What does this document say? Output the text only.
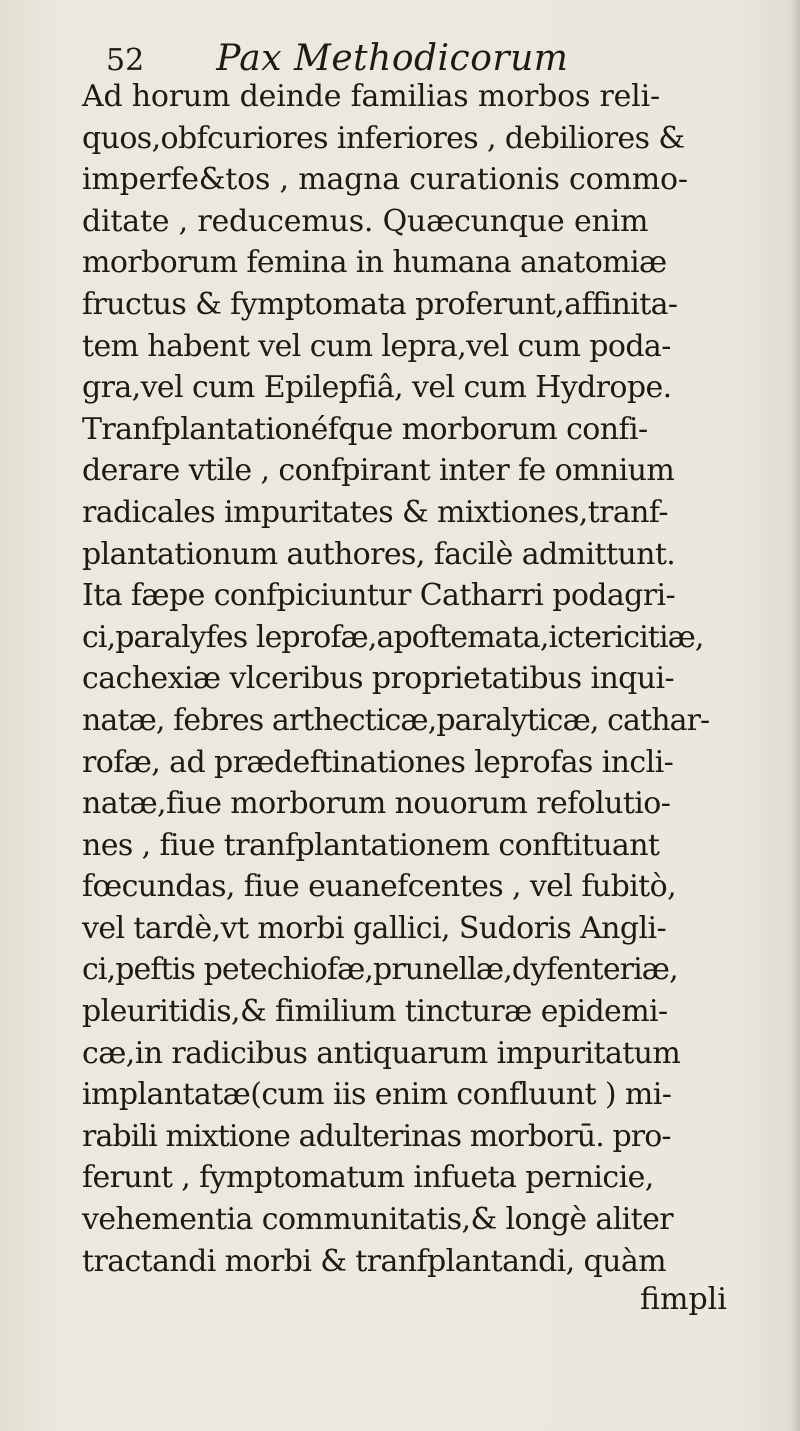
52 Pax Methodicorum
Ad horum deinde familias morbos reli-
quos,obfcuriores inferiores , debiliores &
imperfe&tos , magna curationis commo-
ditate , reducemus. Quæcunque enim
morborum femina in humana anatomiæ
fructus & fymptomata proferunt,affinita-
tem habent vel cum lepra,vel cum poda-
gra,vel cum Epilepfiâ, vel cum Hydrope.
Tranfplantationéfque morborum confi-
derare vtile , confpirant inter fe omnium
radicales impuritates & mixtiones,tranf-
plantationum authores, facilè admittunt.
Ita fæpe confpiciuntur Catharri podagri-
ci,paralyfes leprofæ,apoftemata,ictericitiæ,
cachexiæ vlceribus proprietatibus inqui-
natæ, febres arthecticæ,paralyticæ, cathar-
rofæ, ad prædeftinationes leprofas incli-
natæ,fiue morborum nouorum refolutio-
nes , fiue tranfplantationem conftituant
fœcundas, fiue euanefcentes , vel fubitò,
vel tardè,vt morbi gallici, Sudoris Angli-
ci,peftis petechiofæ,prunellæ,dyfenteriæ,
pleuritidis,& fimilium tincturæ epidemi-
cæ,in radicibus antiquarum impuritatum
implantatæ(cum iis enim confluunt ) mi-
rabili mixtione adulterinas morborū. pro-
ferunt , fymptomatum infueta pernicie,
vehementia communitatis,& longè aliter
tractandi morbi & tranfplantandi, quàm
fimpli
